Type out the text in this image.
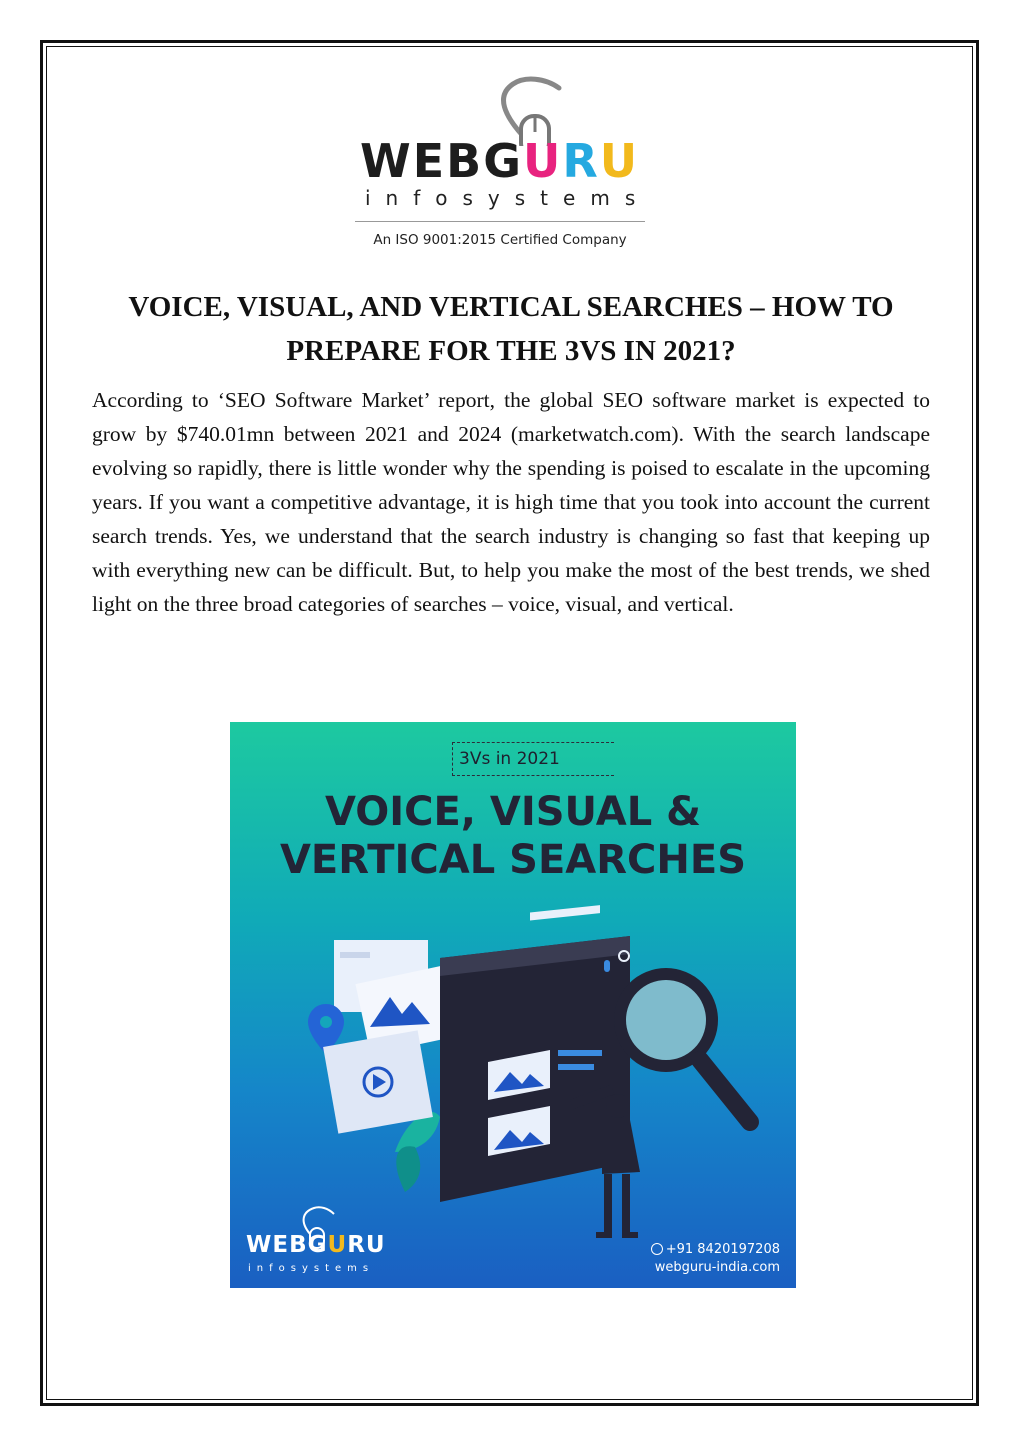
WEBGURU
infosystems
An ISO 9001:2015 Certified Company
VOICE, VISUAL, AND VERTICAL SEARCHES – HOW TO
PREPARE FOR THE 3VS IN 2021?
According to ‘SEO Software Market’ report, the global SEO software market is expected to grow by $740.01mn between 2021 and 2024 (marketwatch.com). With the search landscape evolving so rapidly, there is little wonder why the spending is poised to escalate in the upcoming years. If you want a competitive advantage, it is high time that you took into account the current search trends. Yes, we understand that the search industry is changing so fast that keeping up with everything new can be difficult. But, to help you make the most of the best trends, we shed light on the three broad categories of searches – voice, visual, and vertical.
3Vs in 2021
VOICE, VISUAL &
VERTICAL SEARCHES
WEBGURU
infosystems
+91 8420197208
webguru-india.com
